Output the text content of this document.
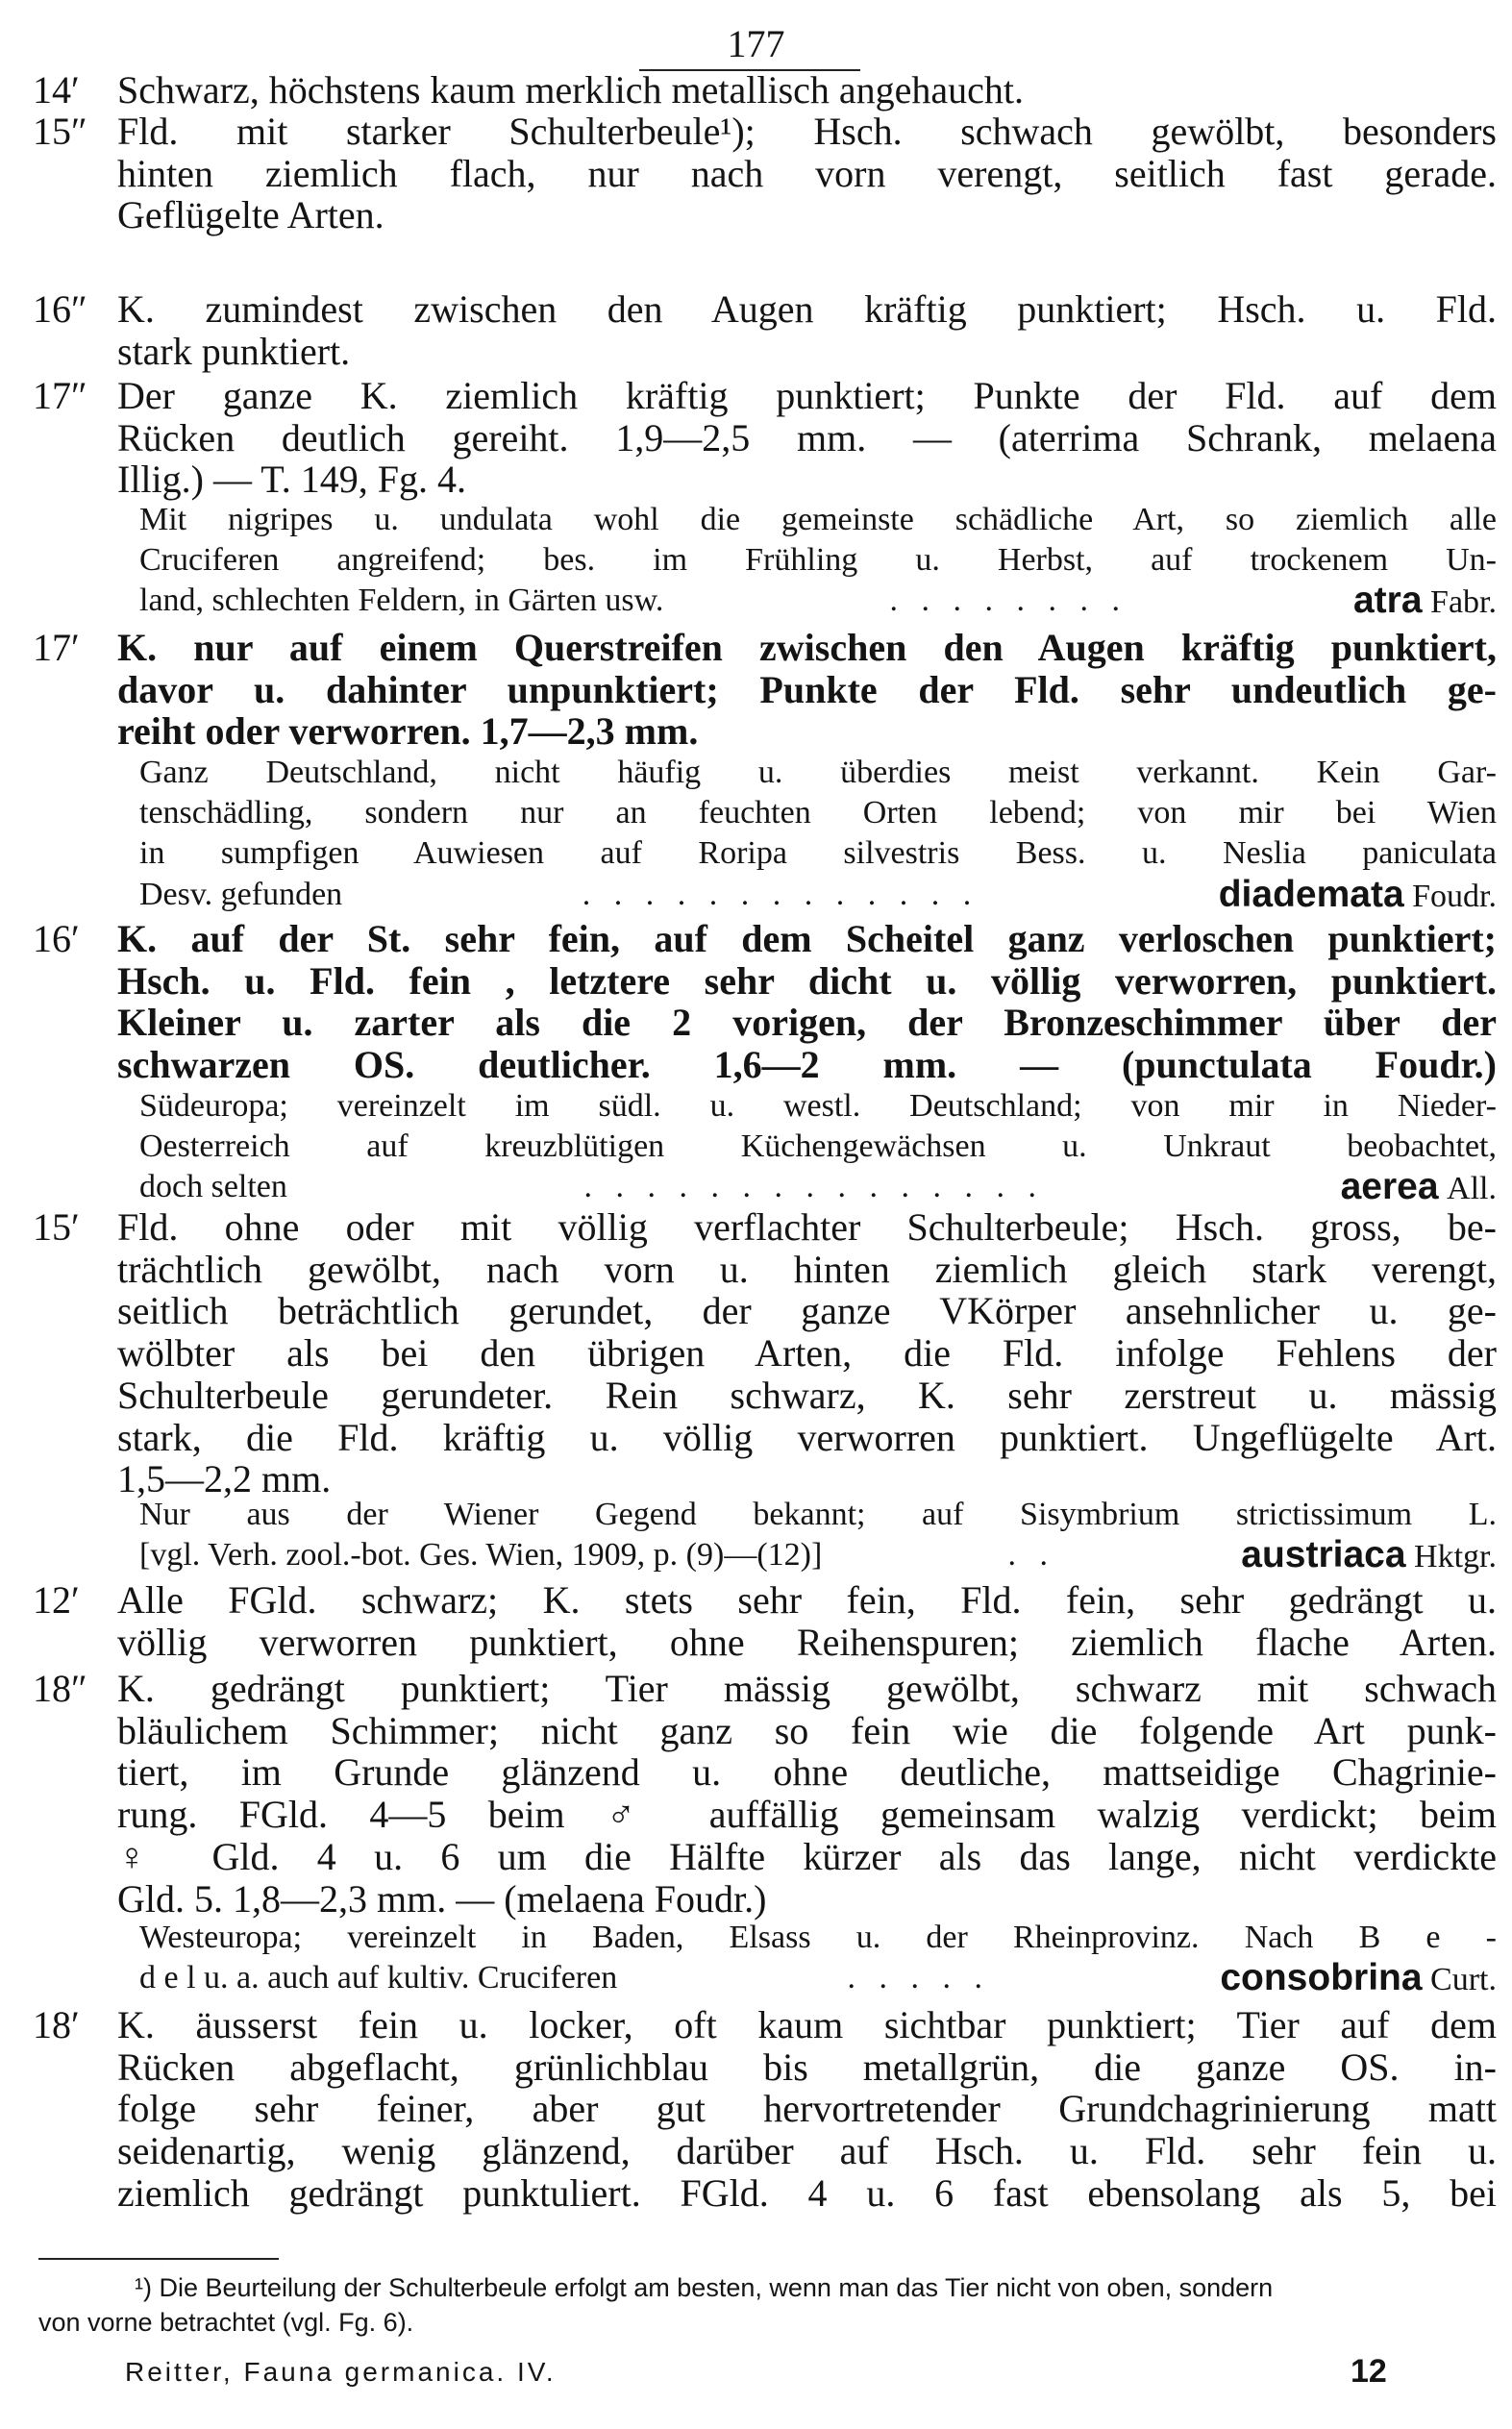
177
14′ Schwarz, höchstens kaum merklich metallisch angehaucht.
15″ Fld. mit starker Schulterbeule¹); Hsch. schwach gewölbt, besonders
hinten ziemlich flach, nur nach vorn verengt, seitlich fast gerade.
Geflügelte Arten.
16″ K. zumindest zwischen den Augen kräftig punktiert; Hsch. u. Fld.
stark punktiert.
17″ Der ganze K. ziemlich kräftig punktiert; Punkte der Fld. auf dem
Rücken deutlich gereiht. 1,9—2,5 mm. — (aterrima Schrank, melaena
Illig.) — T. 149, Fg. 4.
Mit nigripes u. undulata wohl die gemeinste schädliche Art, so ziemlich alle
Cruciferen angreifend; bes. im Frühling u. Herbst, auf trockenem Un-
land, schlechten Feldern, in Gärten usw.	. . . . . . . .	atra Fabr.
17′ K. nur auf einem Querstreifen zwischen den Augen kräftig punktiert,
davor u. dahinter unpunktiert; Punkte der Fld. sehr undeutlich ge-
reiht oder verworren. 1,7—2,3 mm.
Ganz Deutschland, nicht häufig u. überdies meist verkannt. Kein Gar-
tenschädling, sondern nur an feuchten Orten lebend; von mir bei Wien
in sumpfigen Auwiesen auf Roripa silvestris Bess. u. Neslia paniculata
Desv. gefunden	. . . . . . . . . . . . .	diademata Foudr.
16′ K. auf der St. sehr fein, auf dem Scheitel ganz verloschen punktiert;
Hsch. u. Fld. fein , letztere sehr dicht u. völlig verworren, punktiert.
Kleiner u. zarter als die 2 vorigen, der Bronzeschimmer über der
schwarzen OS. deutlicher. 1,6—2 mm. — (punctulata Foudr.)
Südeuropa; vereinzelt im südl. u. westl. Deutschland; von mir in Nieder-
Oesterreich auf kreuzblütigen Küchengewächsen u. Unkraut beobachtet,
doch selten	. . . . . . . . . . . . . . .	aerea All.
15′ Fld. ohne oder mit völlig verflachter Schulterbeule; Hsch. gross, be-
trächtlich gewölbt, nach vorn u. hinten ziemlich gleich stark verengt,
seitlich beträchtlich gerundet, der ganze VKörper ansehnlicher u. ge-
wölbter als bei den übrigen Arten, die Fld. infolge Fehlens der
Schulterbeule gerundeter. Rein schwarz, K. sehr zerstreut u. mässig
stark, die Fld. kräftig u. völlig verworren punktiert. Ungeflügelte Art.
1,5—2,2 mm.
Nur aus der Wiener Gegend bekannt; auf Sisymbrium strictissimum L.
[vgl. Verh. zool.-bot. Ges. Wien, 1909, p. (9)—(12)]	. .	austriaca Hktgr.
12′ Alle FGld. schwarz; K. stets sehr fein, Fld. fein, sehr gedrängt u.
völlig verworren punktiert, ohne Reihenspuren; ziemlich flache Arten.
18″ K. gedrängt punktiert; Tier mässig gewölbt, schwarz mit schwach
bläulichem Schimmer; nicht ganz so fein wie die folgende Art punk-
tiert, im Grunde glänzend u. ohne deutliche, mattseidige Chagrinie-
rung. FGld. 4—5 beim ♂ auffällig gemeinsam walzig verdickt; beim
♀ Gld. 4 u. 6 um die Hälfte kürzer als das lange, nicht verdickte
Gld. 5. 1,8—2,3 mm. — (melaena Foudr.)
Westeuropa; vereinzelt in Baden, Elsass u. der Rheinprovinz. Nach B e -
d e l u. a. auch auf kultiv. Cruciferen	. . . . .	consobrina Curt.
18′ K. äusserst fein u. locker, oft kaum sichtbar punktiert; Tier auf dem
Rücken abgeflacht, grünlichblau bis metallgrün, die ganze OS. in-
folge sehr feiner, aber gut hervortretender Grundchagrinierung matt
seidenartig, wenig glänzend, darüber auf Hsch. u. Fld. sehr fein u.
ziemlich gedrängt punktuliert. FGld. 4 u. 6 fast ebensolang als 5, bei
¹) Die Beurteilung der Schulterbeule erfolgt am besten, wenn man das Tier nicht von oben, sondern
von vorne betrachtet (vgl. Fg. 6).
Reitter, Fauna germanica. IV.	12
